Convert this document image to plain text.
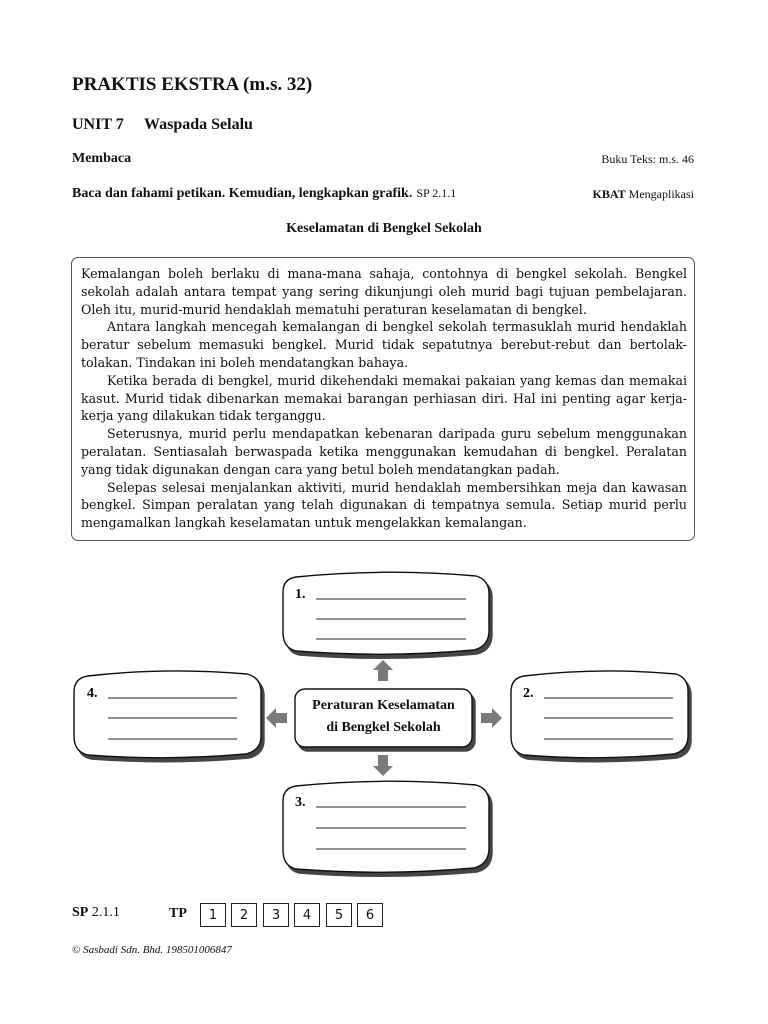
PRAKTIS EKSTRA (m.s. 32)
UNIT 7 Waspada Selalu
Membaca	Buku Teks: m.s. 46
Baca dan fahami petikan. Kemudian, lengkapkan grafik. SP 2.1.1	KBAT Mengaplikasi
Keselamatan di Bengkel Sekolah

Kemalangan boleh berlaku di mana-mana sahaja, contohnya di bengkel sekolah. Bengkel sekolah adalah antara tempat yang sering dikunjungi oleh murid bagi tujuan pembelajaran. Oleh itu, murid-murid hendaklah mematuhi peraturan keselamatan di bengkel.

Antara langkah mencegah kemalangan di bengkel sekolah termasuklah murid hendaklah beratur sebelum memasuki bengkel. Murid tidak sepatutnya berebut-rebut dan bertolak-tolakan. Tindakan ini boleh mendatangkan bahaya.

Ketika berada di bengkel, murid dikehendaki memakai pakaian yang kemas dan memakai kasut. Murid tidak dibenarkan memakai barangan perhiasan diri. Hal ini penting agar kerja-kerja yang dilakukan tidak terganggu.

Seterusnya, murid perlu mendapatkan kebenaran daripada guru sebelum menggunakan peralatan. Sentiasalah berwaspada ketika menggunakan kemudahan di bengkel. Peralatan yang tidak digunakan dengan cara yang betul boleh mendatangkan padah.

Selepas selesai menjalankan aktiviti, murid hendaklah membersihkan meja dan kawasan bengkel. Simpan peralatan yang telah digunakan di tempatnya semula. Setiap murid perlu mengamalkan langkah keselamatan untuk mengelakkan kemalangan.

1.
4.	2.
3.
Peraturan Keselamatan
di Bengkel Sekolah
SP 2.1.1	TP	1	2	3	4	5	6
© Sasbadi Sdn. Bhd. 198501006847
